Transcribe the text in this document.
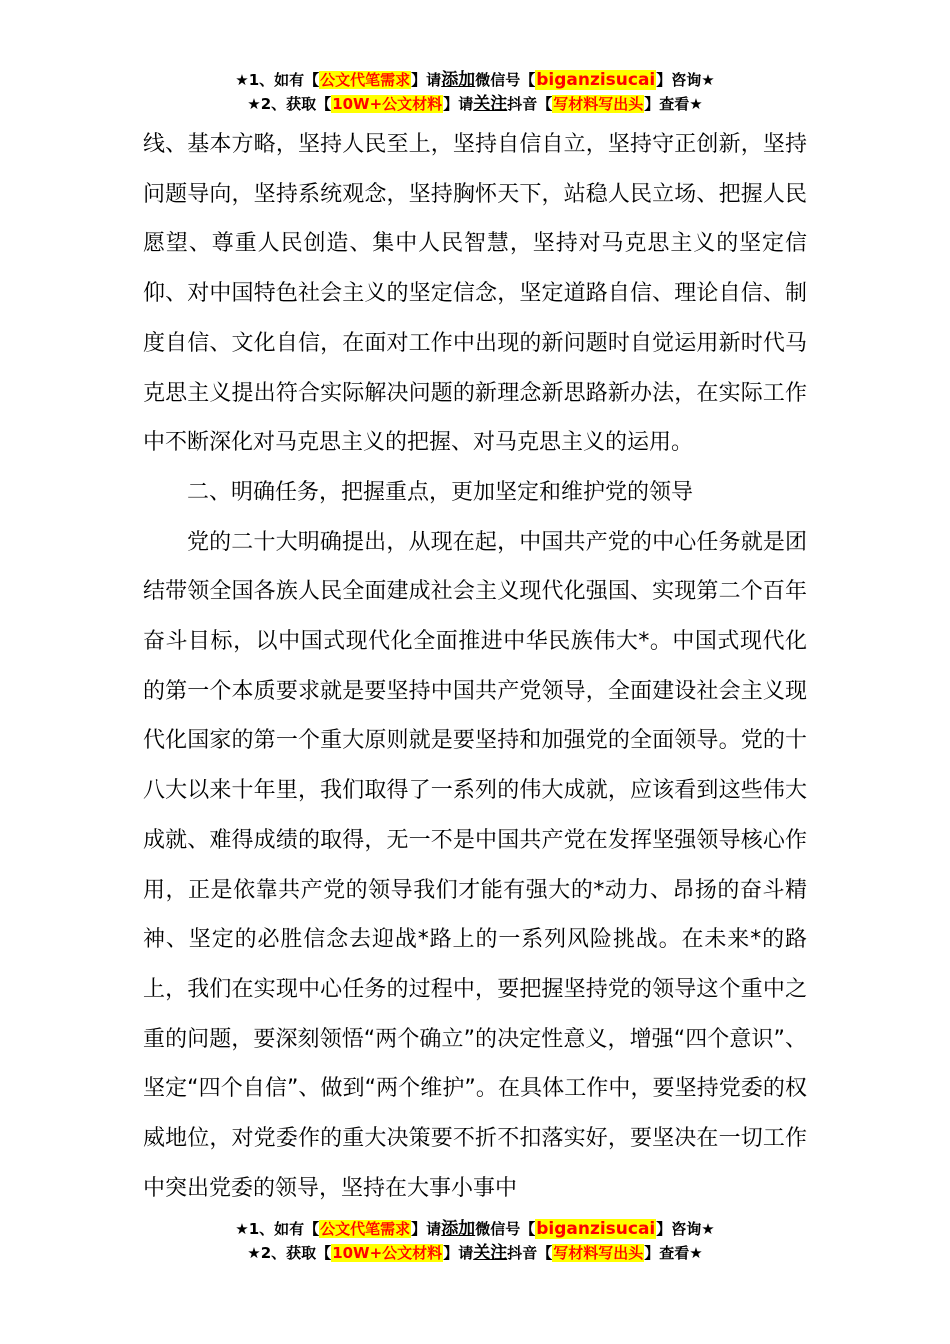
★1、如有【公文代笔需求】请添加微信号【biganzisucai】咨询★
★2、获取【10W+公文材料】请关注抖音【写材料写出头】查看★

线、基本方略，坚持人民至上，坚持自信自立，坚持守正创新，坚持问题导向，坚持系统观念，坚持胸怀天下，站稳人民立场、把握人民愿望、尊重人民创造、集中人民智慧，坚持对马克思主义的坚定信仰、对中国特色社会主义的坚定信念，坚定道路自信、理论自信、制度自信、文化自信，在面对工作中出现的新问题时自觉运用新时代马克思主义提出符合实际解决问题的新理念新思路新办法，在实际工作中不断深化对马克思主义的把握、对马克思主义的运用。

二、明确任务，把握重点，更加坚定和维护党的领导

党的二十大明确提出，从现在起，中国共产党的中心任务就是团结带领全国各族人民全面建成社会主义现代化强国、实现第二个百年奋斗目标，以中国式现代化全面推进中华民族伟大*。中国式现代化的第一个本质要求就是要坚持中国共产党领导，全面建设社会主义现代化国家的第一个重大原则就是要坚持和加强党的全面领导。党的十八大以来十年里，我们取得了一系列的伟大成就，应该看到这些伟大成就、难得成绩的取得，无一不是中国共产党在发挥坚强领导核心作用，正是依靠共产党的领导我们才能有强大的*动力、昂扬的奋斗精神、坚定的必胜信念去迎战*路上的一系列风险挑战。在未来*的路上，我们在实现中心任务的过程中，要把握坚持党的领导这个重中之重的问题，要深刻领悟“两个确立”的决定性意义，增强“四个意识”、坚定“四个自信”、做到“两个维护”。在具体工作中，要坚持党委的权威地位，对党委作的重大决策要不折不扣落实好，要坚决在一切工作中突出党委的领导，坚持在大事小事中

★1、如有【公文代笔需求】请添加微信号【biganzisucai】咨询★
★2、获取【10W+公文材料】请关注抖音【写材料写出头】查看★
